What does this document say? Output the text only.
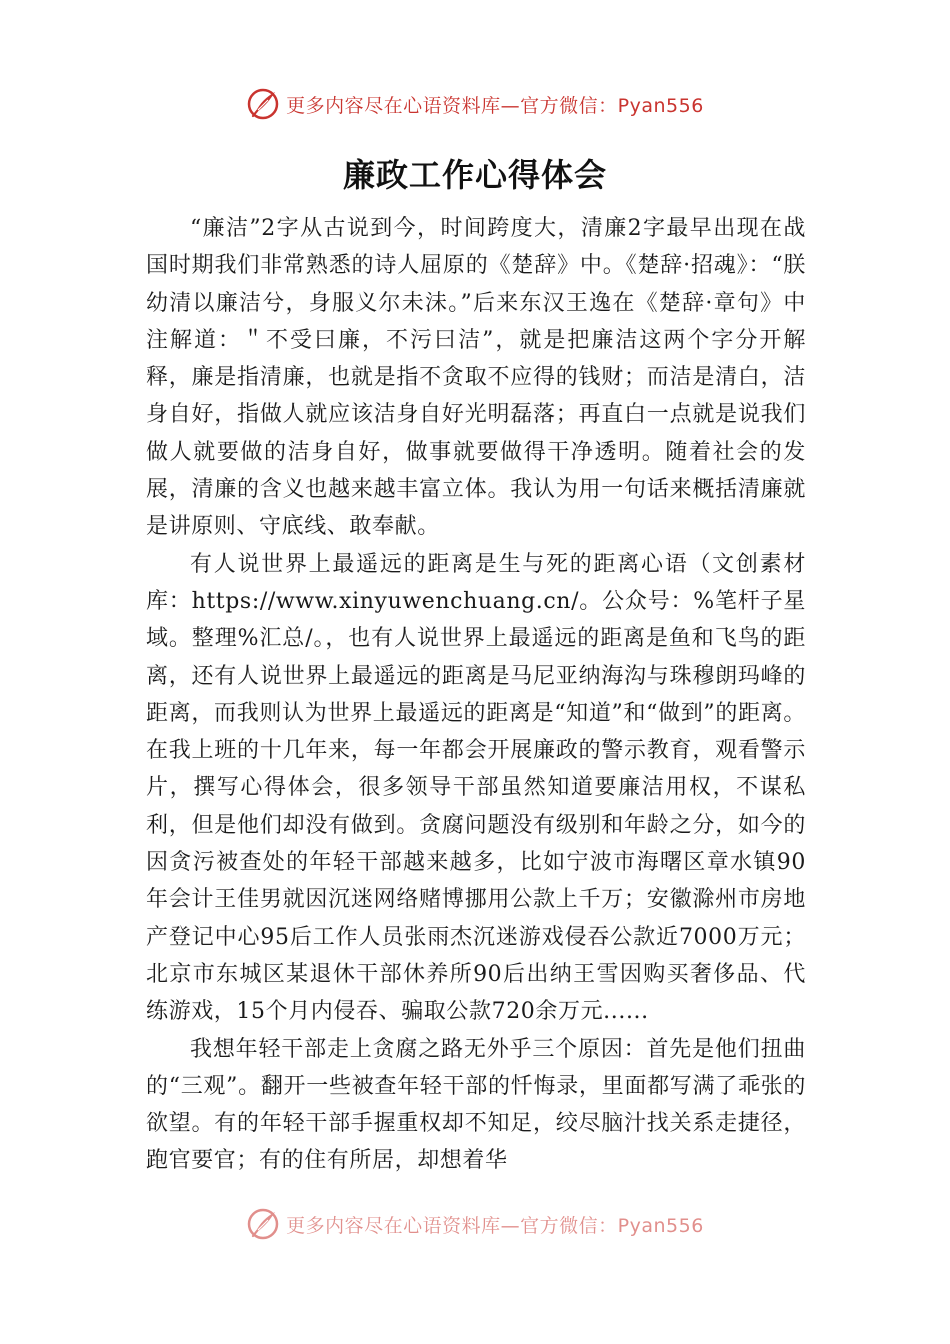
更多内容尽在心语资料库—官方微信：Pyan556
廉政工作心得体会

“廉洁”2字从古说到今，时间跨度大，清廉2字最早出现在战国时期我们非常熟悉的诗人屈原的《楚辞》中。《楚辞·招魂》：“朕幼清以廉洁兮，身服义尔未沬。”后来东汉王逸在《楚辞·章句》中注解道：＂不受曰廉，不污曰洁”，就是把廉洁这两个字分开解释，廉是指清廉，也就是指不贪取不应得的钱财；而洁是清白，洁身自好，指做人就应该洁身自好光明磊落；再直白一点就是说我们做人就要做的洁身自好，做事就要做得干净透明。随着社会的发展，清廉的含义也越来越丰富立体。我认为用一句话来概括清廉就是讲原则、守底线、敢奉献。

有人说世界上最遥远的距离是生与死的距离心语（文创素材库：https://www.xinyuwenchuang.cn/。公众号：%笔杆子星域。整理%汇总/。，也有人说世界上最遥远的距离是鱼和飞鸟的距离，还有人说世界上最遥远的距离是马尼亚纳海沟与珠穆朗玛峰的距离，而我则认为世界上最遥远的距离是“知道”和“做到”的距离。在我上班的十几年来，每一年都会开展廉政的警示教育，观看警示片，撰写心得体会，很多领导干部虽然知道要廉洁用权，不谋私利，但是他们却没有做到。贪腐问题没有级别和年龄之分，如今的因贪污被查处的年轻干部越来越多，比如宁波市海曙区章水镇90年会计王佳男就因沉迷网络赌博挪用公款上千万；安徽滁州市房地产登记中心95后工作人员张雨杰沉迷游戏侵吞公款近7000万元；北京市东城区某退休干部休养所90后出纳王雪因购买奢侈品、代练游戏，15个月内侵吞、骗取公款720余万元......

我想年轻干部走上贪腐之路无外乎三个原因：首先是他们扭曲的“三观”。翻开一些被查年轻干部的忏悔录，里面都写满了乖张的欲望。有的年轻干部手握重权却不知足，绞尽脑汁找关系走捷径，跑官要官；有的住有所居，却想着华

更多内容尽在心语资料库—官方微信：Pyan556
